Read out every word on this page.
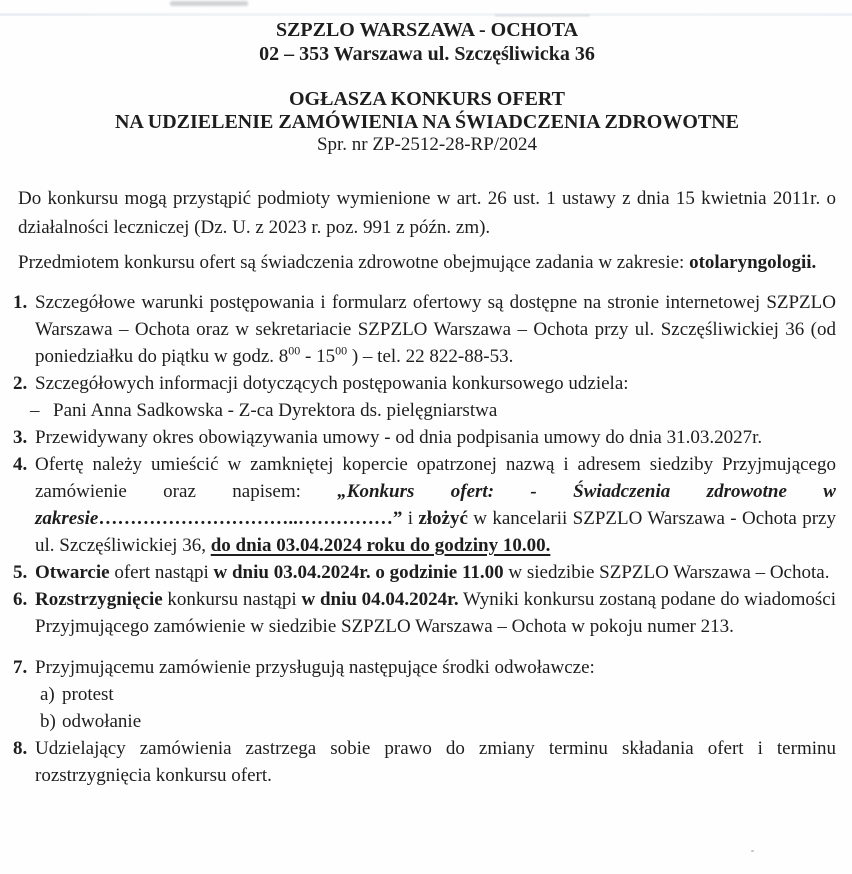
SZPZLO WARSZAWA - OCHOTA
02 – 353 Warszawa ul. Szczęśliwicka 36
OGŁASZA KONKURS OFERT
NA UDZIELENIE ZAMÓWIENIA NA ŚWIADCZENIA ZDROWOTNE
Spr. nr ZP-2512-28-RP/2024

Do konkursu mogą przystąpić podmioty wymienione w art. 26 ust. 1 ustawy z dnia 15 kwietnia 2011r. o działalności leczniczej (Dz. U. z 2023 r. poz. 991 z późn. zm).

Przedmiotem konkursu ofert są świadczenia zdrowotne obejmujące zadania w zakresie: otolaryngologii.

1. Szczegółowe warunki postępowania i formularz ofertowy są dostępne na stronie internetowej SZPZLO Warszawa – Ochota oraz w sekretariacie SZPZLO Warszawa – Ochota przy ul. Szczęśliwickiej 36 (od poniedziałku do piątku w godz. $8^{00} - 15^{00}$ ) – tel. 22 822-88-53.
2. Szczegółowych informacji dotyczących postępowania konkursowego udziela:
– Pani Anna Sadkowska - Z-ca Dyrektora ds. pielęgniarstwa
3. Przewidywany okres obowiązywania umowy - od dnia podpisania umowy do dnia 31.03.2027r.
4. Ofertę należy umieścić w zamkniętej kopercie opatrzonej nazwą i adresem siedziby Przyjmującego zamówienie oraz napisem: „Konkurs ofert: - Świadczenia zdrowotne w zakresie…………………………..……………” i złożyć w kancelarii SZPZLO Warszawa - Ochota przy ul. Szczęśliwickiej 36, do dnia 03.04.2024 roku do godziny 10.00.
5. Otwarcie ofert nastąpi w dniu 03.04.2024r. o godzinie 11.00 w siedzibie SZPZLO Warszawa – Ochota.
6. Rozstrzygnięcie konkursu nastąpi w dniu 04.04.2024r. Wyniki konkursu zostaną podane do wiadomości Przyjmującego zamówienie w siedzibie SZPZLO Warszawa – Ochota w pokoju numer 213.
7. Przyjmującemu zamówienie przysługują następujące środki odwoławcze:
a) protest
b) odwołanie
8. Udzielający zamówienia zastrzega sobie prawo do zmiany terminu składania ofert i terminu rozstrzygnięcia konkursu ofert.
